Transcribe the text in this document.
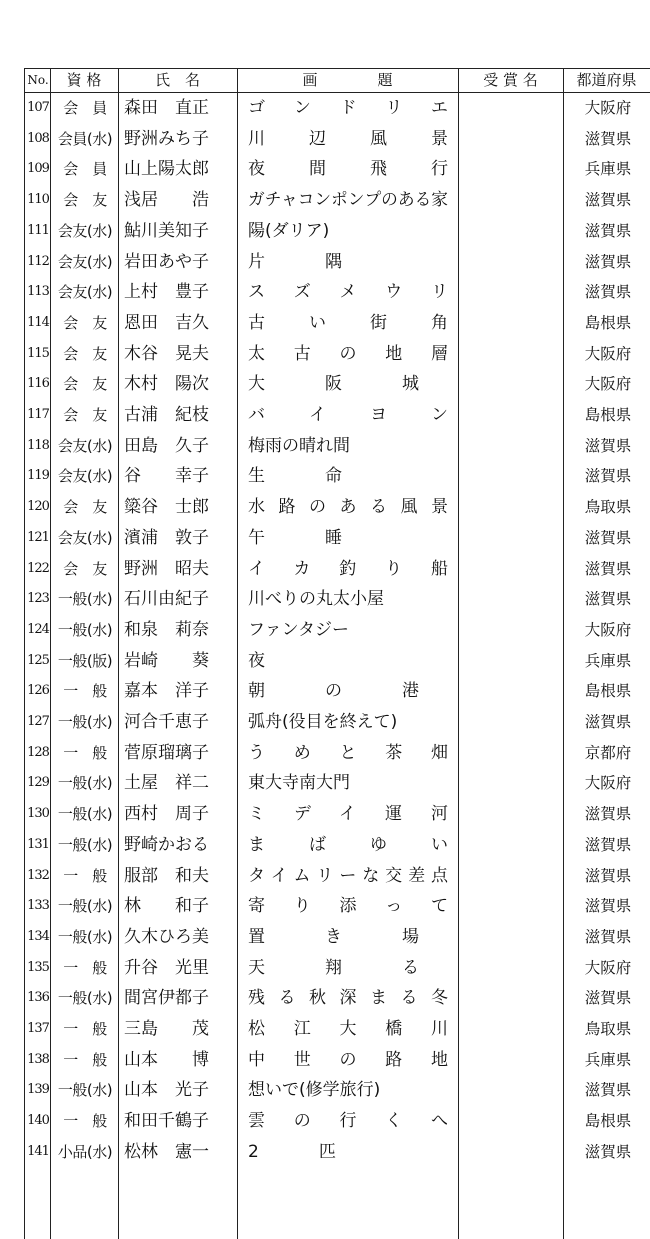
No.	資 格	氏　名	画　　　　題	受 賞 名	都道府県
107 会　員	森田　直正	ゴンドリエ	大阪府
108 会員(水) 野洲みち子	川辺風景	滋賀県
109 会　員	山上陽太郎	夜間飛行	兵庫県
110 会　友	浅居　　浩	ガチャコンポンプのある家	滋賀県
111 会友(水) 鮎川美知子	陽(ダリア)	滋賀県
112 会友(水) 岩田あや子	片隅	滋賀県
113 会友(水) 上村　豊子	スズメウリ	滋賀県
114 会　友	恩田　吉久	古い街角	島根県
115 会　友	木谷　晃夫	太古の地層	大阪府
116 会　友	木村　陽次	大阪城	大阪府
117 会　友	古浦　紀枝	バイヨン	島根県
118 会友(水) 田島　久子	梅雨の晴れ間	滋賀県
119 会友(水) 谷　　幸子	生命	滋賀県
120 会　友	簗谷　士郎	水路のある風景	鳥取県
121 会友(水) 濱浦　敦子	午睡	滋賀県
122 会　友	野洲　昭夫	イカ釣り船	滋賀県
123 一般(水) 石川由紀子	川べりの丸太小屋	滋賀県
124 一般(水) 和泉　莉奈	ファンタジー	大阪府
125 一般(版) 岩崎　　葵	夜	兵庫県
126 一　般	嘉本　洋子	朝の港	島根県
127 一般(水) 河合千恵子	弧舟(役目を終えて)	滋賀県
128 一　般	菅原瑠璃子	うめと茶畑	京都府
129 一般(水) 土屋　祥二	東大寺南大門	大阪府
130 一般(水) 西村　周子	ミデイ運河	滋賀県
131 一般(水) 野崎かおる	まばゆい	滋賀県
132 一　般	服部　和夫	タイムリーな交差点	滋賀県
133 一般(水) 林　　和子	寄り添って	滋賀県
134 一般(水) 久木ひろ美	置き場	滋賀県
135 一　般	升谷　光里	天翔る	大阪府
136 一般(水) 間宮伊都子	残る秋深まる冬	滋賀県
137 一　般	三島　　茂	松江大橋川	鳥取県
138 一　般	山本　　博	中世の路地	兵庫県
139 一般(水) 山本　光子	想いで(修学旅行)	滋賀県
140 一　般	和田千鶴子	雲の行くへ	島根県
141 小品(水) 松林　憲一	2匹	滋賀県
